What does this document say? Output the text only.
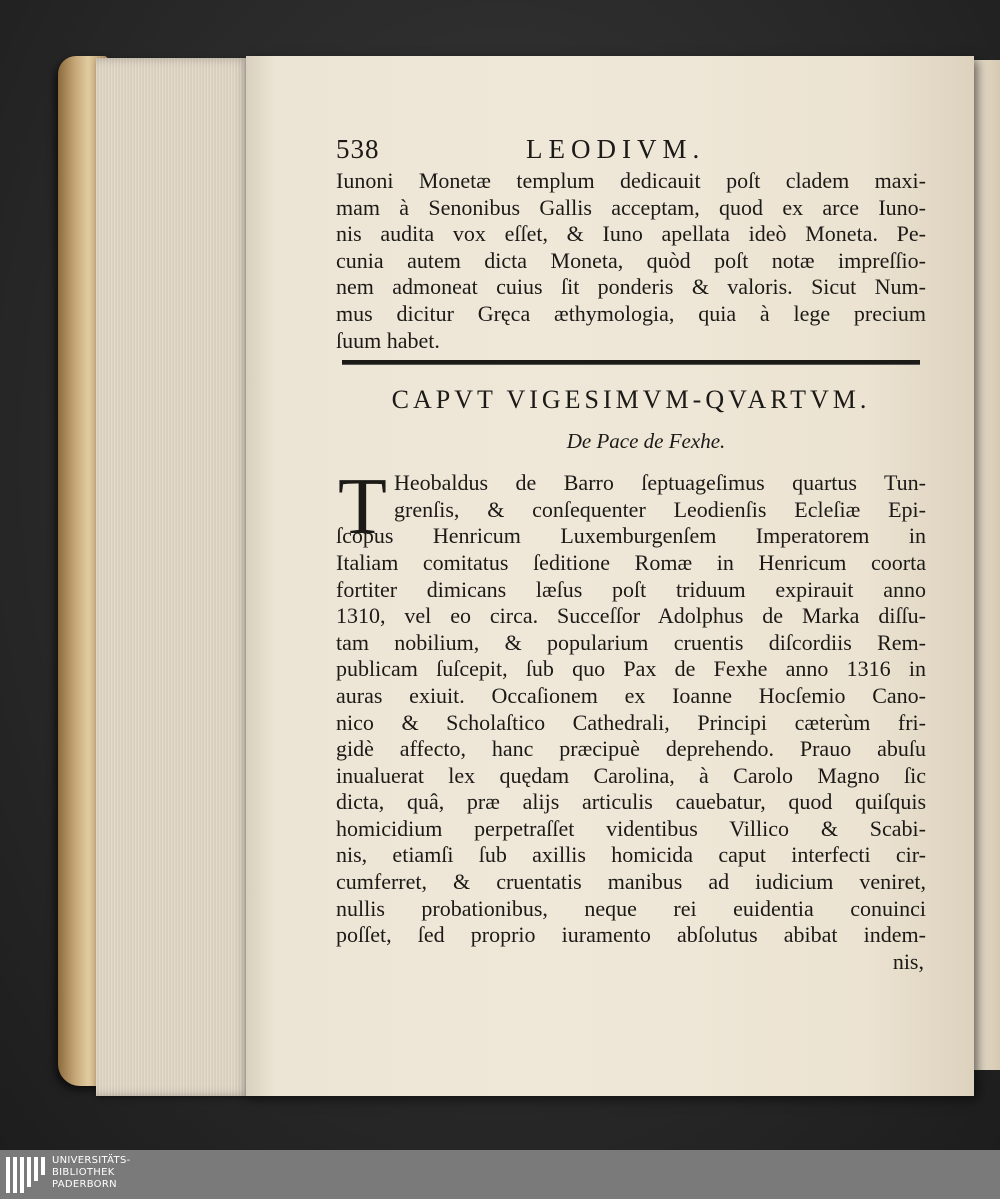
538	LEODIVM.
Iunoni Monetæ templum dedicauit poſt cladem maxi-
mam à Senonibus Gallis acceptam, quod ex arce Iuno-
nis audita vox eſſet, & Iuno apellata ideò Moneta. Pe-
cunia autem dicta Moneta, quòd poſt notæ impreſſio-
nem admoneat cuius ſit ponderis & valoris. Sicut Num-
mus dicitur Gręca æthymologia, quia à lege precium
ſuum habet.
CAPVT VIGESIMVM-QVARTVM.
De Pace de Fexhe.
T Heobaldus de Barro ſeptuageſimus quartus Tun-
grenſis, & conſequenter Leodienſis Ecleſiæ Epi-
ſcopus Henricum Luxemburgenſem Imperatorem in
Italiam comitatus ſeditione Romæ in Henricum coorta
fortiter dimicans læſus poſt triduum expirauit anno
1310, vel eo circa. Succeſſor Adolphus de Marka diſſu-
tam nobilium, & popularium cruentis diſcordiis Rem-
publicam ſuſcepit, ſub quo Pax de Fexhe anno 1316 in
auras exiuit. Occaſionem ex Ioanne Hocſemio Cano-
nico & Scholaſtico Cathedrali, Principi cæterùm fri-
gidè affecto, hanc præcipuè deprehendo. Prauo abuſu
inualuerat lex quędam Carolina, à Carolo Magno ſic
dicta, quâ, præ alijs articulis cauebatur, quod quiſquis
homicidium perpetraſſet videntibus Villico & Scabi-
nis, etiamſi ſub axillis homicida caput interfecti cir-
cumferret, & cruentatis manibus ad iudicium veniret,
nullis probationibus, neque rei euidentia conuinci
poſſet, ſed proprio iuramento abſolutus abibat indem-
nis,
UNIVERSITÄTS-
BIBLIOTHEK
PADERBORN
